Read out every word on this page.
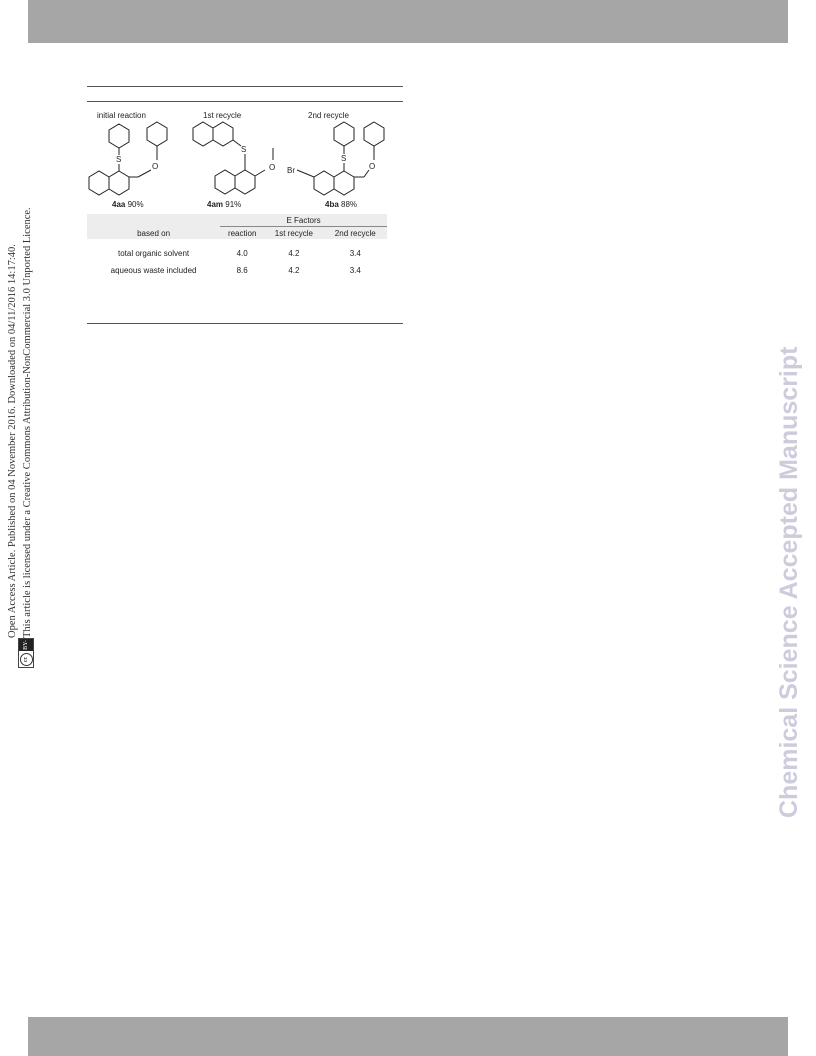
cc
BY-NC
Open Access Article. Published on 04 November 2016. Downloaded on 04/11/2016 14:17:40. This article is licensed under a Creative Commons Attribution-NonCommercial 3.0 Unported Licence.	Chemical Science Accepted Manuscript
initial reaction	1st recycle	2nd recycle
S
O
S
O
S
O
Br
4aa 90%	4am 91%	4ba 88%
based on	E Factors		
	reaction	1st recycle	2nd recycle
total organic solvent	4.0	4.2	3.4
aqueous waste included	8.6	4.2	3.4
